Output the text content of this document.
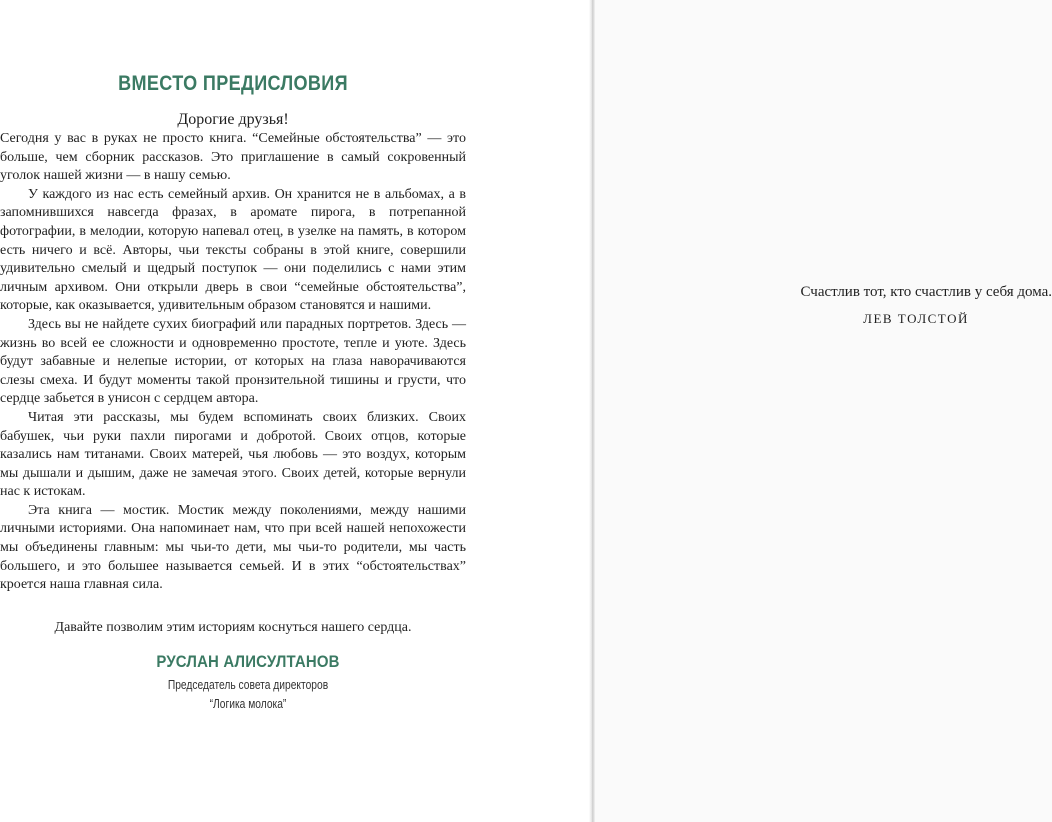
ВМЕСТО ПРЕДИСЛОВИЯ
Дорогие друзья!

Сегодня у вас в руках не просто книга. “Семейные обстоятельства” — это больше, чем сборник рассказов. Это приглашение в самый сокровенный уголок нашей жизни — в нашу семью.

У каждого из нас есть семейный архив. Он хранится не в альбомах, а в запомнившихся навсегда фразах, в аромате пирога, в потрепанной фотографии, в мелодии, которую напевал отец, в узелке на память, в котором есть ничего и всё. Авторы, чьи тексты собраны в этой книге, совершили удивительно смелый и щедрый поступок — они поделились с нами этим личным архивом. Они открыли дверь в свои “семейные обстоятельства”, которые, как оказывается, удивительным образом становятся и нашими.

Здесь вы не найдете сухих биографий или парадных портретов. Здесь — жизнь во всей ее сложности и одновременно простоте, тепле и уюте. Здесь будут забавные и нелепые истории, от которых на глаза наворачиваются слезы смеха. И будут моменты такой пронзительной тишины и грусти, что сердце забьется в унисон с сердцем автора.

Читая эти рассказы, мы будем вспоминать своих близких. Своих бабушек, чьи руки пахли пирогами и добротой. Своих отцов, которые казались нам титанами. Своих матерей, чья любовь — это воздух, которым мы дышали и дышим, даже не замечая этого. Своих детей, которые вернули нас к истокам.

Эта книга — мостик. Мостик между поколениями, между нашими личными историями. Она напоминает нам, что при всей нашей непохожести мы объединены главным: мы чьи-то дети, мы чьи-то родители, мы часть большего, и это большее называется семьей. И в этих “обстоятельствах” кроется наша главная сила.

Давайте позволим этим историям коснуться нашего сердца.
РУСЛАН АЛИСУЛТАНОВ
Председатель совета директоров
“Логика молока”
Счастлив тот, кто счастлив у себя дома.
ЛЕВ ТОЛСТОЙ
